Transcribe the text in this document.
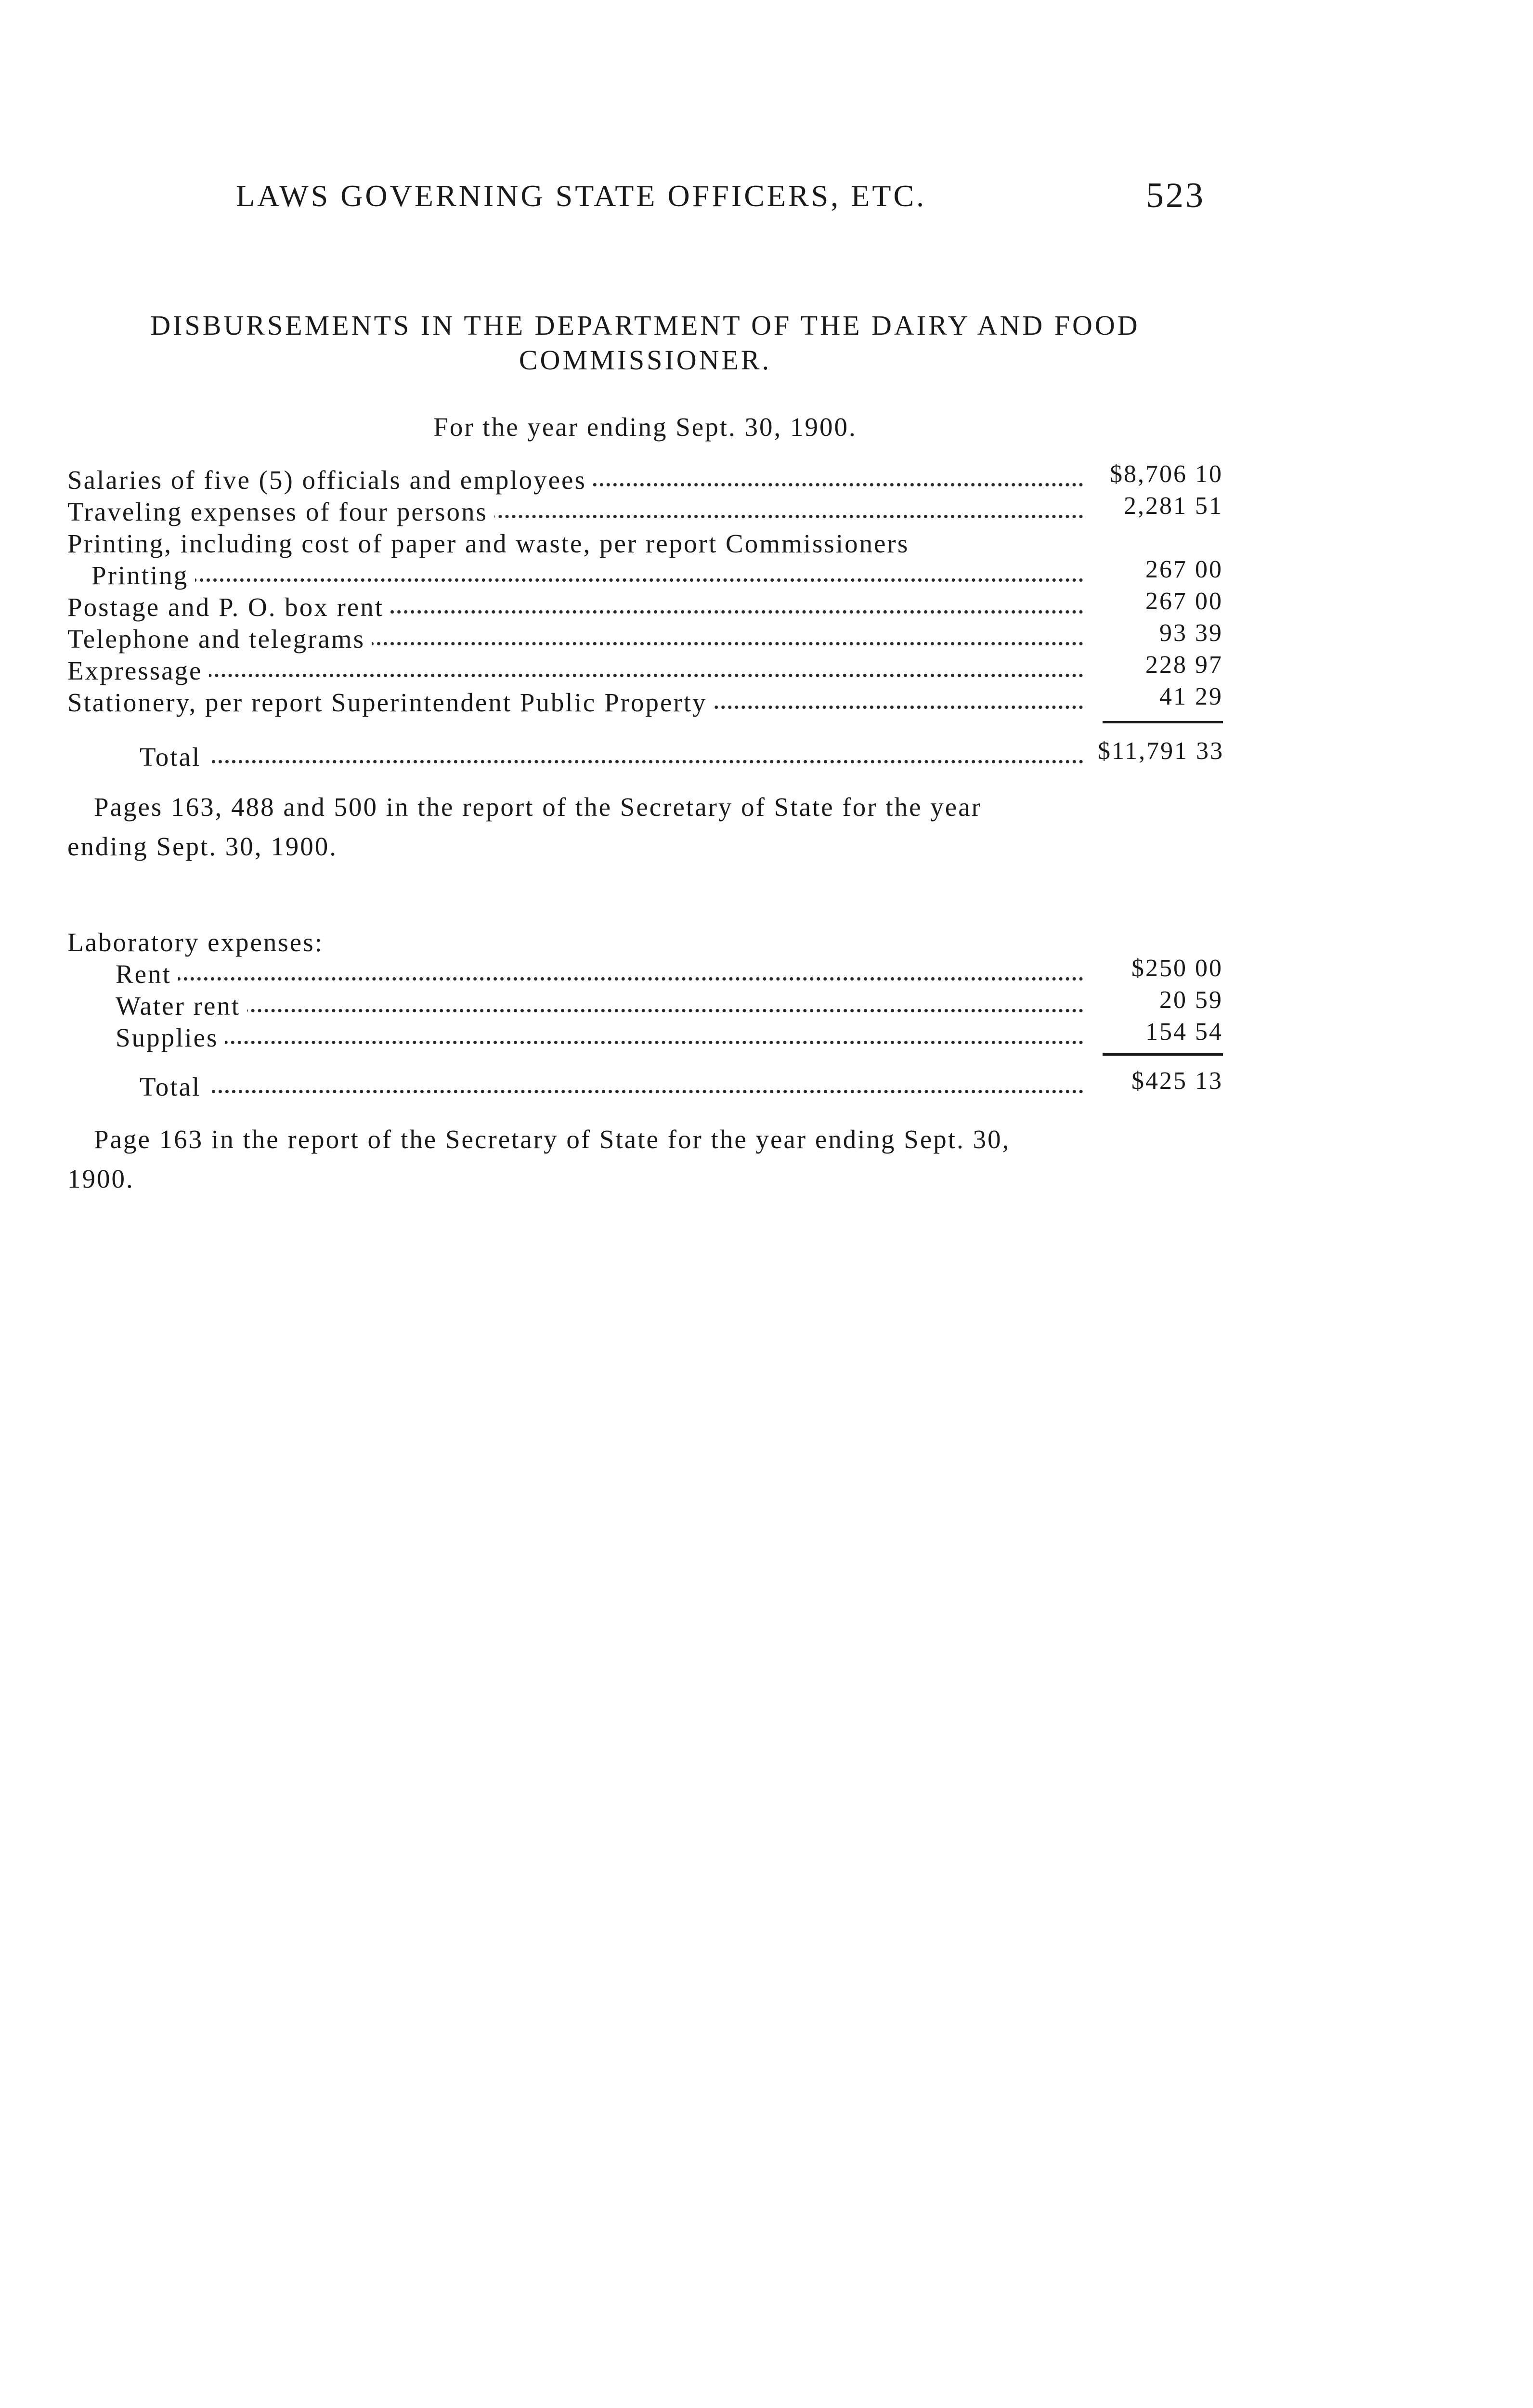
LAWS GOVERNING STATE OFFICERS, ETC.	523
DISBURSEMENTS IN THE DEPARTMENT OF THE DAIRY AND FOOD
COMMISSIONER.
For the year ending Sept. 30, 1900.
Salaries of five (5) officials and employees	$8,706 10
Traveling expenses of four persons	2,281 51
Printing, including cost of paper and waste, per report Commissioners
Printing	267 00
Postage and P. O. box rent	267 00
Telephone and telegrams	93 39
Expressage	228 97
Stationery, per report Superintendent Public Property	41 29
Total	$11,791 33
Pages 163, 488 and 500 in the report of the Secretary of State for the year
ending Sept. 30, 1900.
Laboratory expenses:
Rent	$250 00
Water rent	20 59
Supplies	154 54
Total	$425 13
Page 163 in the report of the Secretary of State for the year ending Sept. 30,
1900.
